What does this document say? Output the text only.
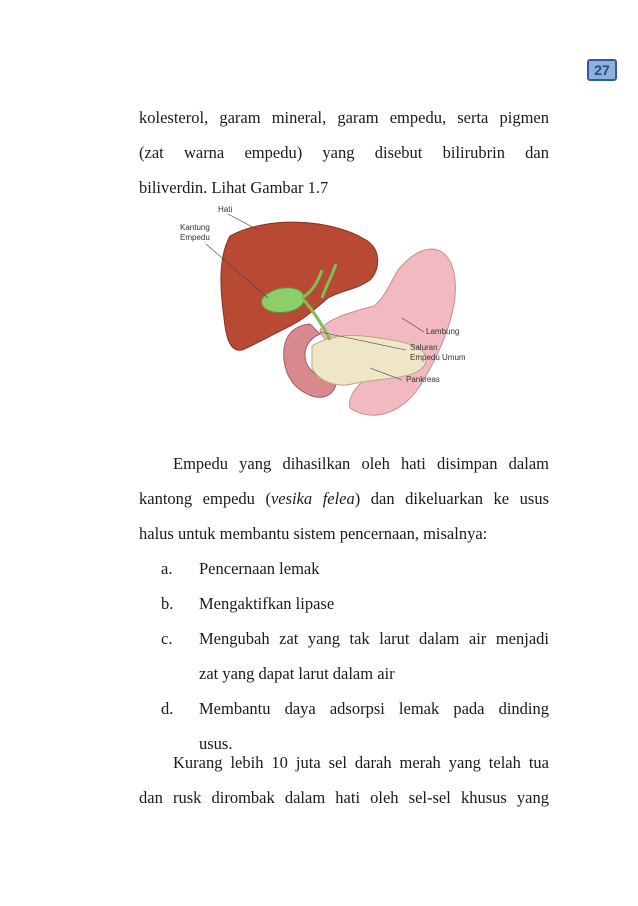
27
kolesterol, garam mineral, garam empedu, serta pigmen
(zat warna empedu) yang disebut bilirubrin dan
biliverdin. Lihat Gambar 1.7
Hati
Kantung
Empedu
Lambung
Saluran
Empedu Umum
Pankreas
Empedu yang dihasilkan oleh hati disimpan dalam
kantong empedu (vesika felea) dan dikeluarkan ke usus
halus untuk membantu sistem pencernaan, misalnya:
a.	Pencernaan lemak
b.	Mengaktifkan lipase
c.	Mengubah zat yang tak larut dalam air menjadi
zat yang dapat larut dalam air
d.	Membantu daya adsorpsi lemak pada dinding
usus.
Kurang lebih 10 juta sel darah merah yang telah tua
dan rusk dirombak dalam hati oleh sel-sel khusus yang
